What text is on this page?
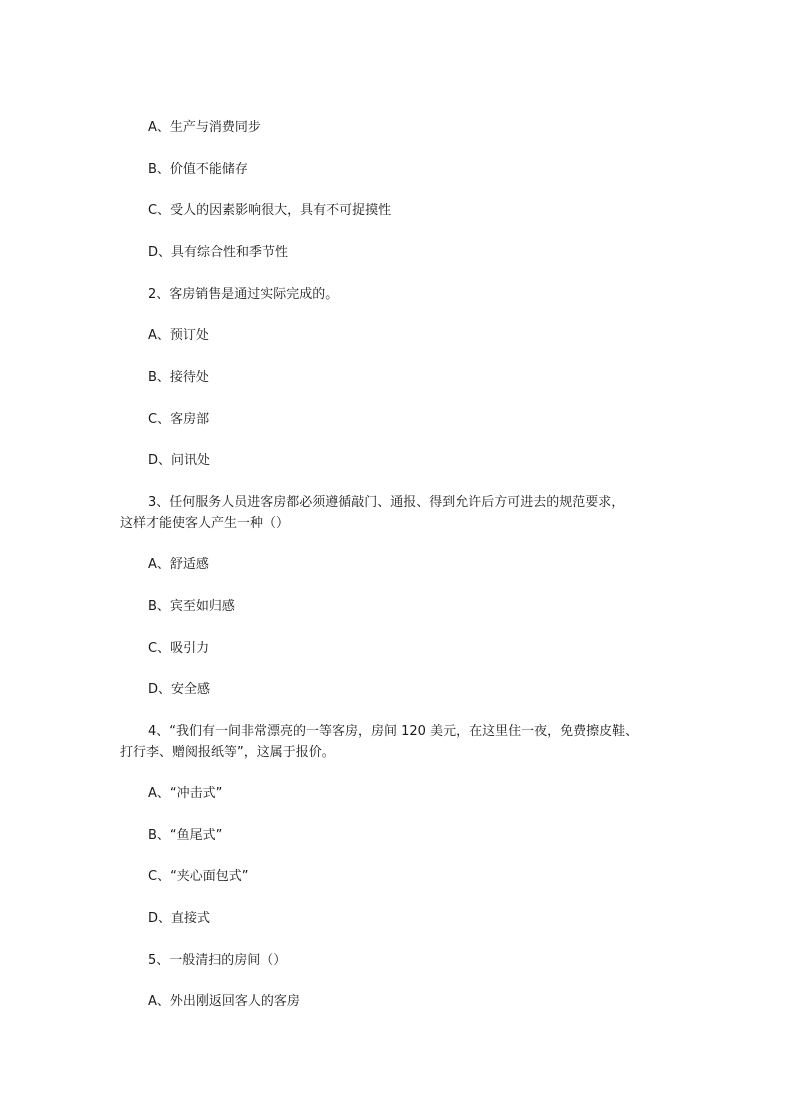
A、生产与消费同步
B、价值不能储存
C、受人的因素影响很大，具有不可捉摸性
D、具有综合性和季节性
2、客房销售是通过实际完成的。
A、预订处
B、接待处
C、客房部
D、问讯处
3、任何服务人员进客房都必须遵循敲门、通报、得到允许后方可进去的规范要求，
这样才能使客人产生一种（）
A、舒适感
B、宾至如归感
C、吸引力
D、安全感
4、“我们有一间非常漂亮的一等客房，房间 120 美元，在这里住一夜，免费擦皮鞋、
打行李、赠阅报纸等”，这属于报价。
A、“冲击式”
B、“鱼尾式”
C、“夹心面包式”
D、直接式
5、一般清扫的房间（）
A、外出刚返回客人的客房
